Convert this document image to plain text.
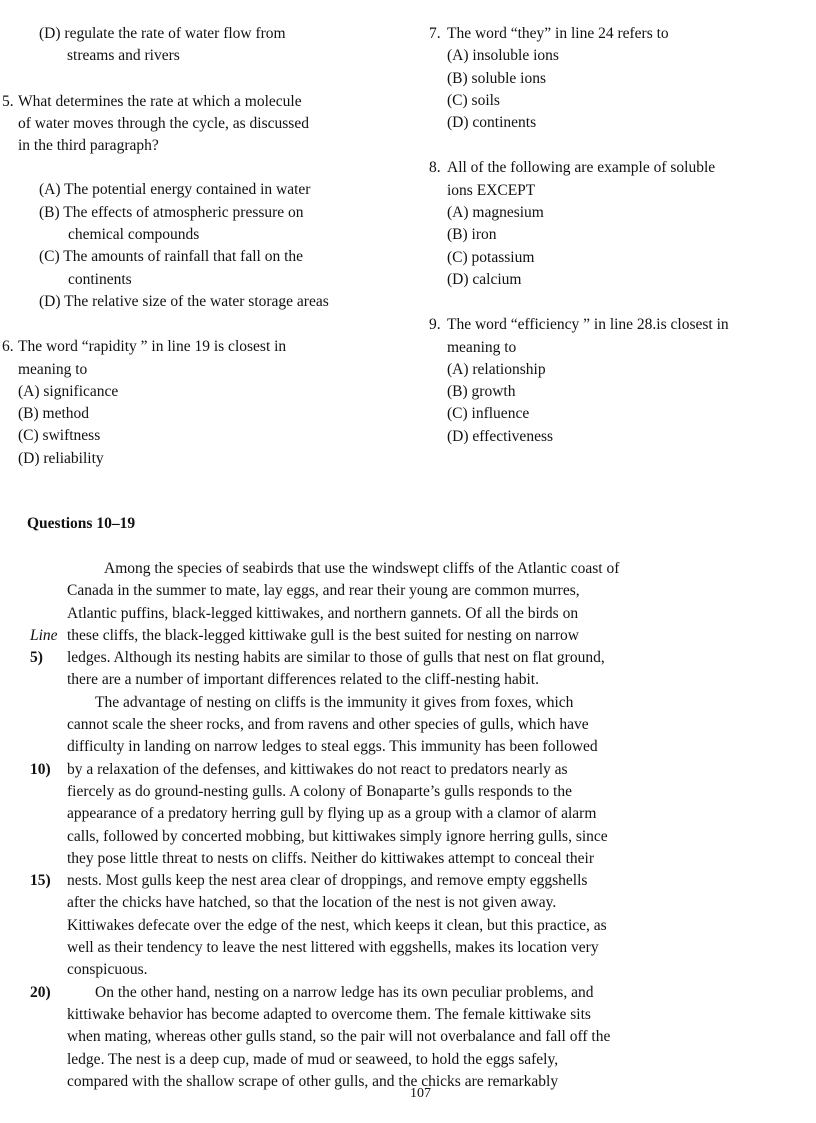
(D) regulate the rate of water flow from
streams and rivers
5. What determines the rate at which a molecule
of water moves through the cycle, as discussed
in the third paragraph?
(A) The potential energy contained in water
(B) The effects of atmospheric pressure on
chemical compounds
(C) The amounts of rainfall that fall on the
continents
(D) The relative size of the water storage areas
6. The word “rapidity ” in line 19 is closest in
meaning to
(A) significance
(B) method
(C) swiftness
(D) reliability
7. The word “they” in line 24 refers to
(A) insoluble ions
(B) soluble ions
(C) soils
(D) continents
8. All of the following are example of soluble
ions EXCEPT
(A) magnesium
(B) iron
(C) potassium
(D) calcium
9. The word “efficiency ” in line 28.is closest in
meaning to
(A) relationship
(B) growth
(C) influence
(D) effectiveness
Questions 10–19
Among the species of seabirds that use the windswept cliffs of the Atlantic coast of
Canada in the summer to mate, lay eggs, and rear their young are common murres,
Atlantic puffins, black-legged kittiwakes, and northern gannets. Of all the birds on
Line these cliffs, the black-legged kittiwake gull is the best suited for nesting on narrow
5) ledges. Although its nesting habits are similar to those of gulls that nest on flat ground,
there are a number of important differences related to the cliff-nesting habit.
The advantage of nesting on cliffs is the immunity it gives from foxes, which
cannot scale the sheer rocks, and from ravens and other species of gulls, which have
difficulty in landing on narrow ledges to steal eggs. This immunity has been followed
10) by a relaxation of the defenses, and kittiwakes do not react to predators nearly as
fiercely as do ground-nesting gulls. A colony of Bonaparte’s gulls responds to the
appearance of a predatory herring gull by flying up as a group with a clamor of alarm
calls, followed by concerted mobbing, but kittiwakes simply ignore herring gulls, since
they pose little threat to nests on cliffs. Neither do kittiwakes attempt to conceal their
15) nests. Most gulls keep the nest area clear of droppings, and remove empty eggshells
after the chicks have hatched, so that the location of the nest is not given away.
Kittiwakes defecate over the edge of the nest, which keeps it clean, but this practice, as
well as their tendency to leave the nest littered with eggshells, makes its location very
conspicuous.
20)	On the other hand, nesting on a narrow ledge has its own peculiar problems, and
kittiwake behavior has become adapted to overcome them. The female kittiwake sits
when mating, whereas other gulls stand, so the pair will not overbalance and fall off the
ledge. The nest is a deep cup, made of mud or seaweed, to hold the eggs safely,
compared with the shallow scrape of other gulls, and the chicks are remarkably
107
